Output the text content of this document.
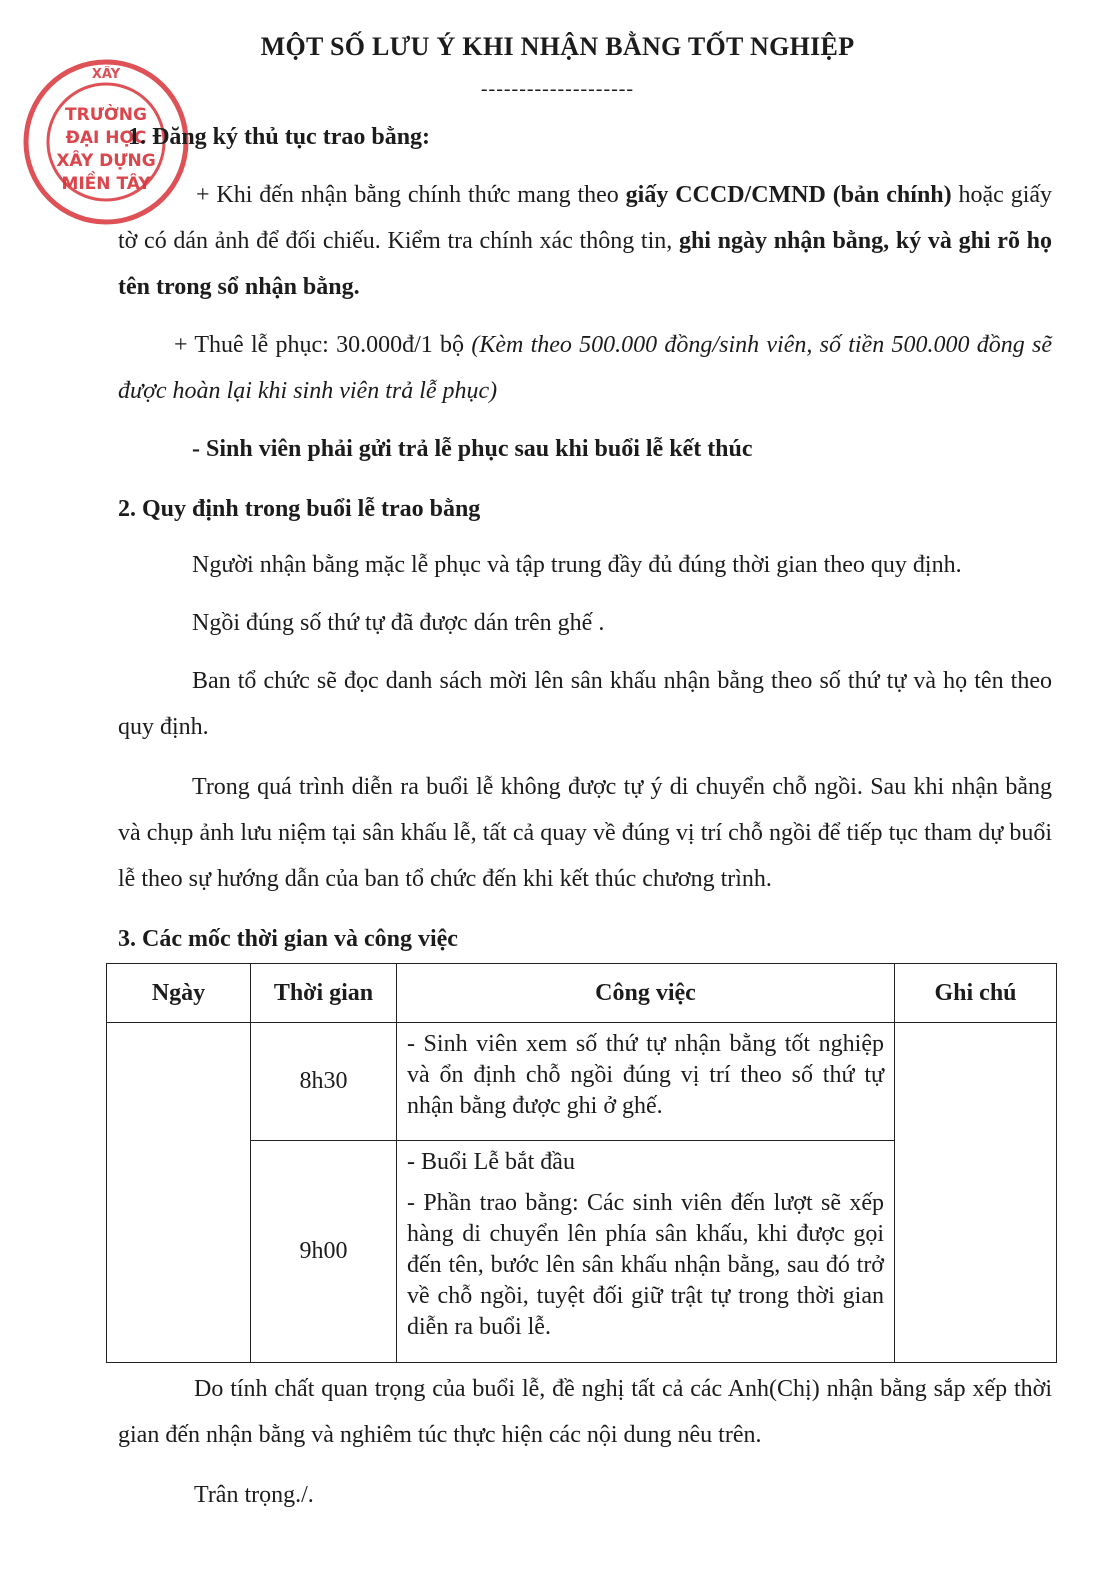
MỘT SỐ LƯU Ý KHI NHẬN BẰNG TỐT NGHIỆP
--------------------
XÂY
TRƯỜNG
ĐẠI HỌC
XÂY DỰNG
MIỀN TÂY
1. Đăng ký thủ tục trao bằng:
+ Khi đến nhận bằng chính thức mang theo giấy CCCD/CMND (bản chính) hoặc giấy tờ có dán ảnh để đối chiếu. Kiểm tra chính xác thông tin, ghi ngày nhận bằng, ký và ghi rõ họ tên trong sổ nhận bằng.
+ Thuê lễ phục: 30.000đ/1 bộ (Kèm theo 500.000 đồng/sinh viên, số tiền 500.000 đồng sẽ được hoàn lại khi sinh viên trả lễ phục)
- Sinh viên phải gửi trả lễ phục sau khi buổi lễ kết thúc
2. Quy định trong buổi lễ trao bằng
Người nhận bằng mặc lễ phục và tập trung đầy đủ đúng thời gian theo quy định.
Ngồi đúng số thứ tự đã được dán trên ghế .
Ban tổ chức sẽ đọc danh sách mời lên sân khấu nhận bằng theo số thứ tự và họ tên theo quy định.
Trong quá trình diễn ra buổi lễ không được tự ý di chuyển chỗ ngồi. Sau khi nhận bằng và chụp ảnh lưu niệm tại sân khấu lễ, tất cả quay về đúng vị trí chỗ ngồi để tiếp tục tham dự buổi lễ theo sự hướng dẫn của ban tổ chức đến khi kết thúc chương trình.
3. Các mốc thời gian và công việc
Ngày	Thời gian	Công việc	Ghi chú
	8h30	- Sinh viên xem số thứ tự nhận bằng tốt nghiệp và ổn định chỗ ngồi đúng vị trí theo số thứ tự nhận bằng được ghi ở ghế.	

	9h00	- Buổi Lễ bắt đầu
- Phần trao bằng: Các sinh viên đến lượt sẽ xếp hàng di chuyển lên phía sân khấu, khi được gọi đến tên, bước lên sân khấu nhận bằng, sau đó trở về chỗ ngồi, tuyệt đối giữ trật tự trong thời gian diễn ra buổi lễ.	
Do tính chất quan trọng của buổi lễ, đề nghị tất cả các Anh(Chị) nhận bằng sắp xếp thời gian đến nhận bằng và nghiêm túc thực hiện các nội dung nêu trên.
Trân trọng./.
